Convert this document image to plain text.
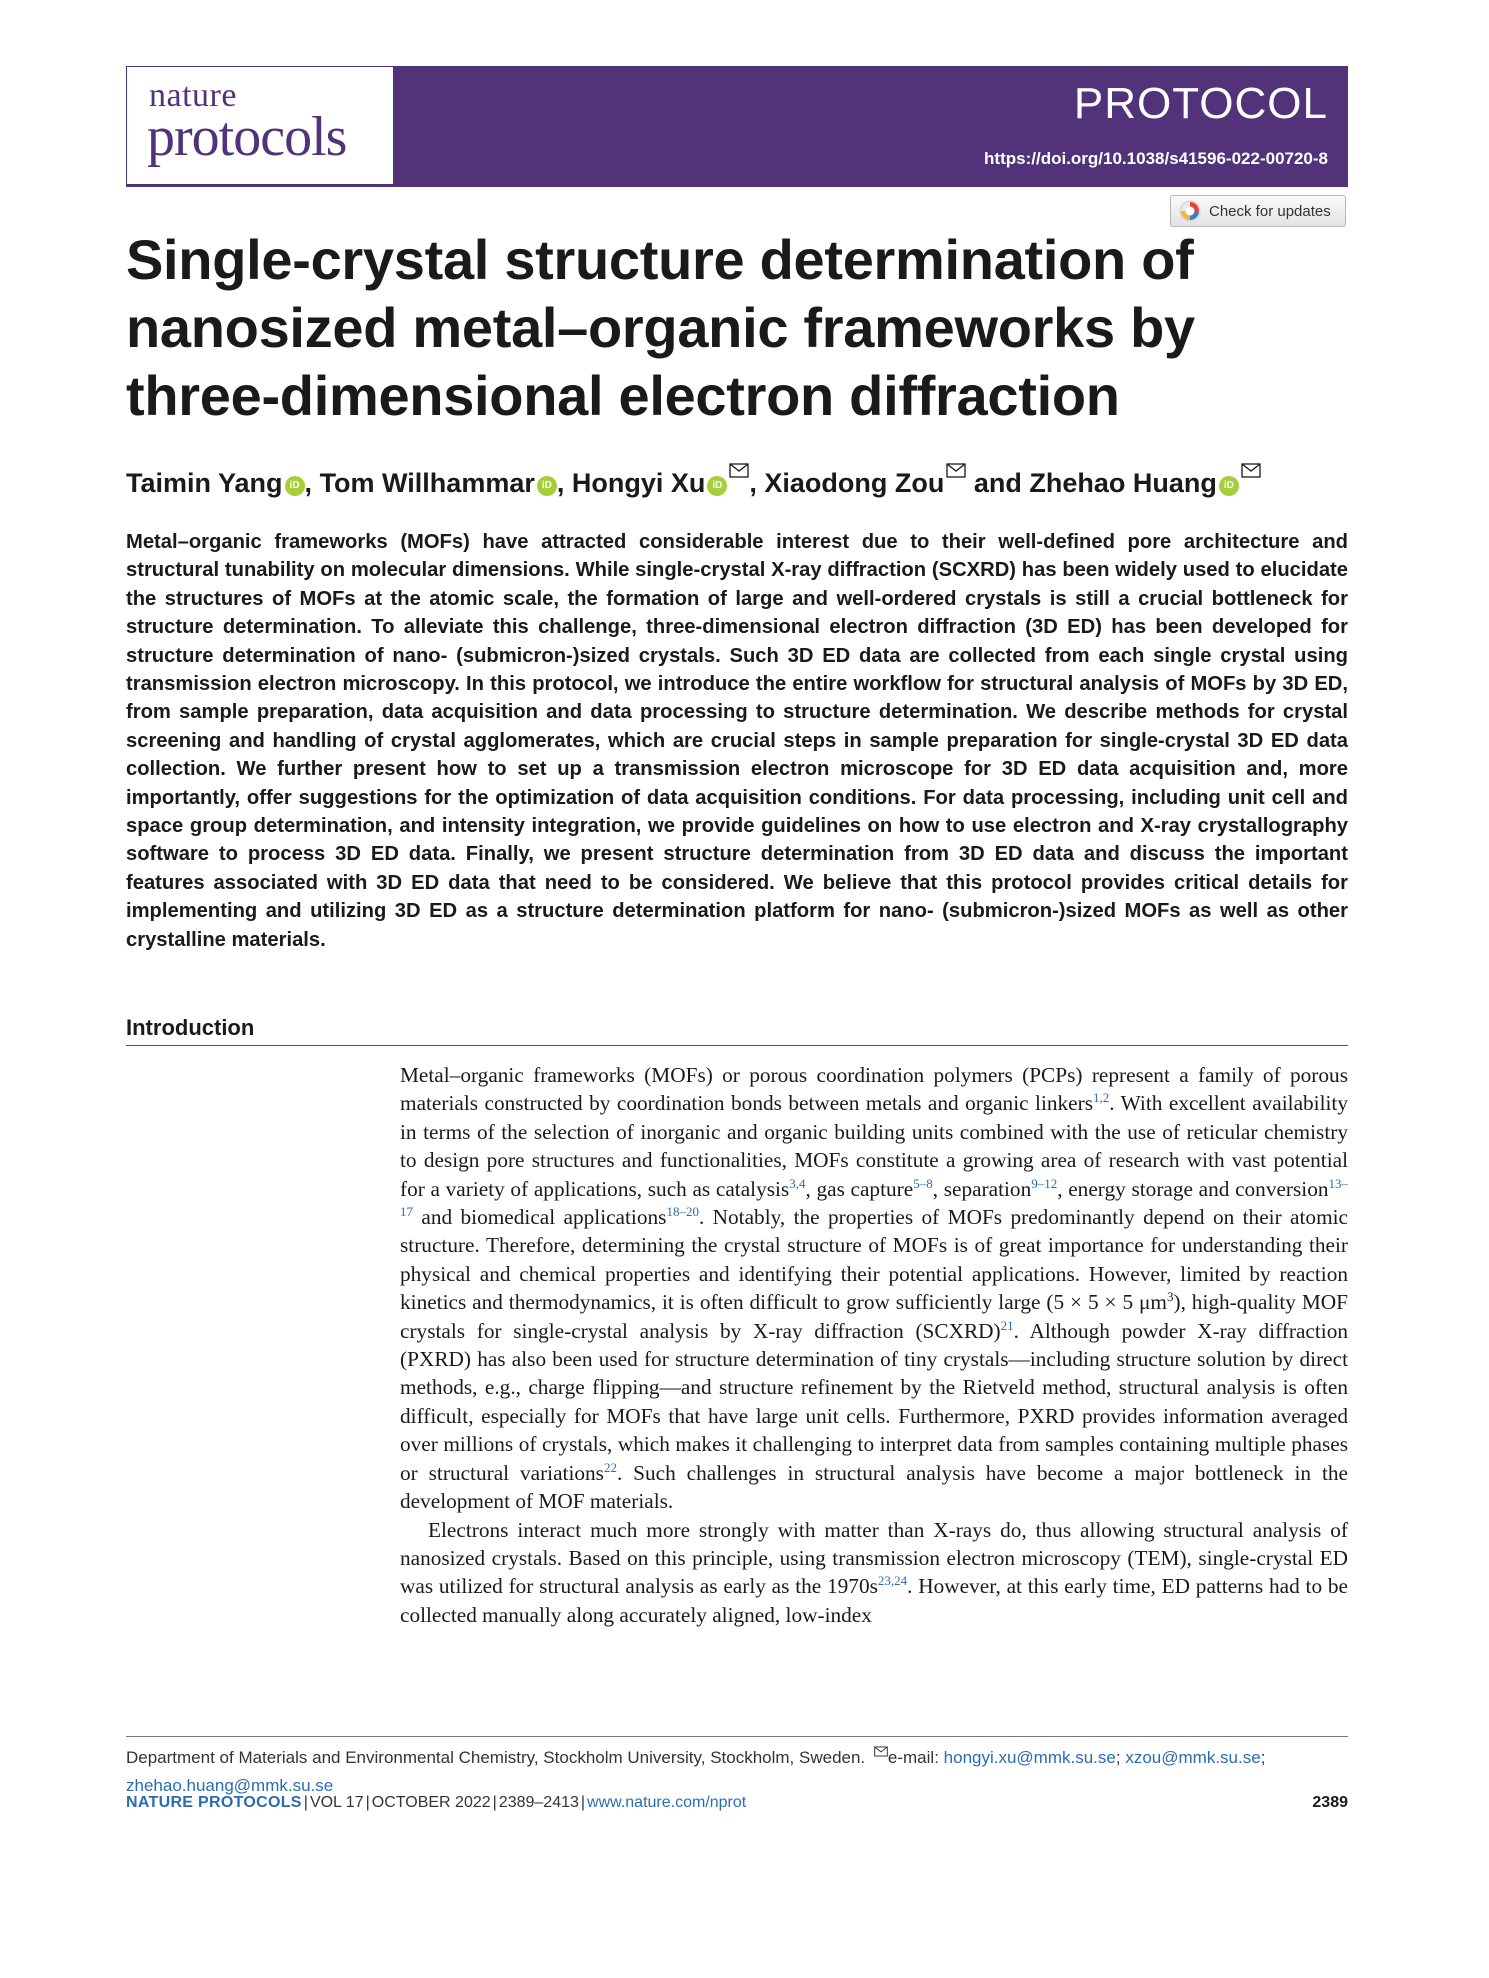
nature
protocols
PROTOCOL
https://doi.org/10.1038/s41596-022-00720-8
Check for updates
Single-crystal structure determination of
nanosized metal–organic frameworks by
three-dimensional electron diffraction
Taimin Yang iD , Tom Willhammar iD , Hongyi Xu iD , Xiaodong Zou and Zhehao Huang iD

Metal–organic frameworks (MOFs) have attracted considerable interest due to their well-defined pore architecture and structural tunability on molecular dimensions. While single-crystal X-ray diffraction (SCXRD) has been widely used to elucidate the structures of MOFs at the atomic scale, the formation of large and well-ordered crystals is still a crucial bottleneck for structure determination. To alleviate this challenge, three-dimensional electron diffraction (3D ED) has been developed for structure determination of nano- (submicron-)sized crystals. Such 3D ED data are collected from each single crystal using transmission electron microscopy. In this protocol, we introduce the entire workflow for structural analysis of MOFs by 3D ED, from sample preparation, data acquisition and data processing to structure determination. We describe methods for crystal screening and handling of crystal agglomerates, which are crucial steps in sample preparation for single-crystal 3D ED data collection. We further present how to set up a transmission electron microscope for 3D ED data acquisition and, more importantly, offer suggestions for the optimization of data acquisition conditions. For data processing, including unit cell and space group determination, and intensity integration, we provide guidelines on how to use electron and X-ray crystallography software to process 3D ED data. Finally, we present structure determination from 3D ED data and discuss the important features associated with 3D ED data that need to be considered. We believe that this protocol provides critical details for implementing and utilizing 3D ED as a structure determination platform for nano- (submicron-)sized MOFs as well as other crystalline materials.

Introduction

Metal–organic frameworks (MOFs) or porous coordination polymers (PCPs) represent a family of porous materials constructed by coordination bonds between metals and organic linkers$^{1,2}$. With excellent availability in terms of the selection of inorganic and organic building units combined with the use of reticular chemistry to design pore structures and functionalities, MOFs constitute a growing area of research with vast potential for a variety of applications, such as catalysis$^{3,4}$, gas capture$^{5-8}$, separation$^{9-12}$, energy storage and conversion$^{13-17}$ and biomedical applications$^{18-20}$. Notably, the properties of MOFs predominantly depend on their atomic structure. Therefore, determining the crystal structure of MOFs is of great importance for understanding their physical and chemical properties and identifying their potential applications. However, limited by reaction kinetics and thermodynamics, it is often difficult to grow sufficiently large (5 × 5 × 5 $\mu m^3$), high-quality MOF crystals for single-crystal analysis by X-ray diffraction (SCXRD)$^{21}$. Although powder X-ray diffraction (PXRD) has also been used for structure determination of tiny crystals—including structure solution by direct methods, e.g., charge flipping—and structure refinement by the Rietveld method, structural analysis is often difficult, especially for MOFs that have large unit cells. Furthermore, PXRD provides information averaged over millions of crystals, which makes it challenging to interpret data from samples containing multiple phases or structural variations$^{22}$. Such challenges in structural analysis have become a major bottleneck in the development of MOF materials.

Electrons interact much more strongly with matter than X-rays do, thus allowing structural analysis of nanosized crystals. Based on this principle, using transmission electron microscopy (TEM), single-crystal ED was utilized for structural analysis as early as the 1970s$^{23,24}$. However, at this early time, ED patterns had to be collected manually along accurately aligned, low-index

Department of Materials and Environmental Chemistry, Stockholm University, Stockholm, Sweden. e-mail: hongyi.xu@mmk.su.se; xzou@mmk.su.se; zhehao.huang@mmk.su.se
NATURE PROTOCOLS | VOL 17 | OCTOBER 2022 | 2389–2413 | www.nature.com/nprot	2389
